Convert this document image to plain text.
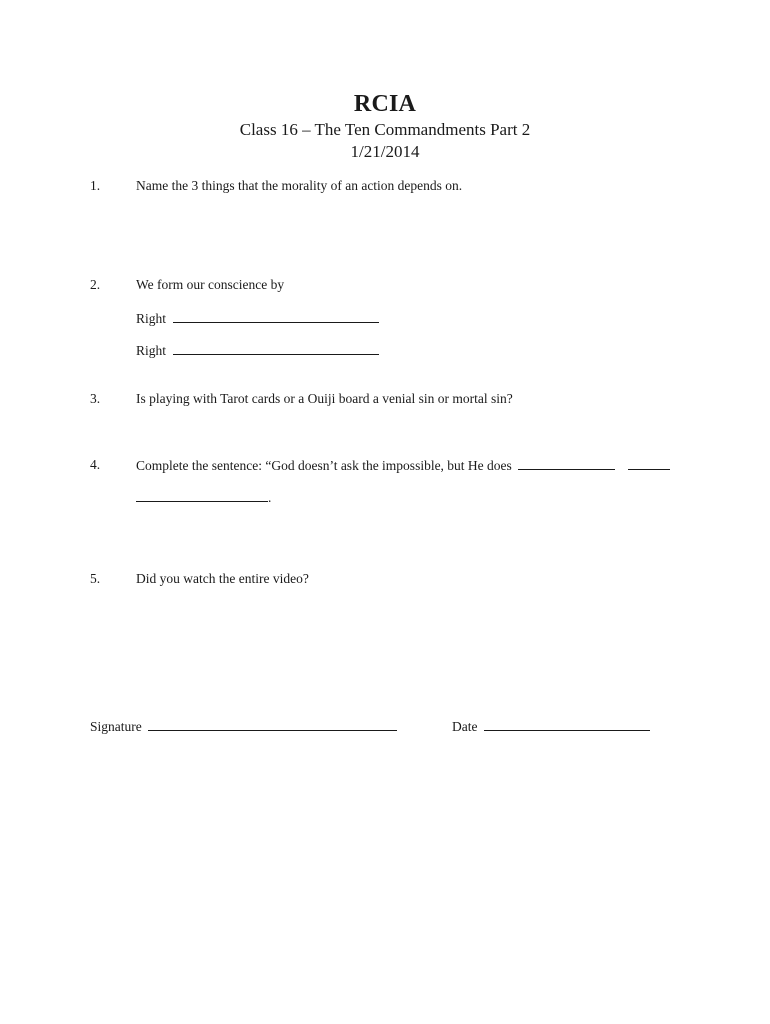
RCIA
Class 16 – The Ten Commandments Part 2
1/21/2014
1.	Name the 3 things that the morality of an action depends on.
2.	We form our conscience by
Right
Right
3.	Is playing with Tarot cards or a Ouiji board a venial sin or mortal sin?
4.	Complete the sentence: “God doesn’t ask the impossible, but He does
.
5.	Did you watch the entire video?
Signature	Date
